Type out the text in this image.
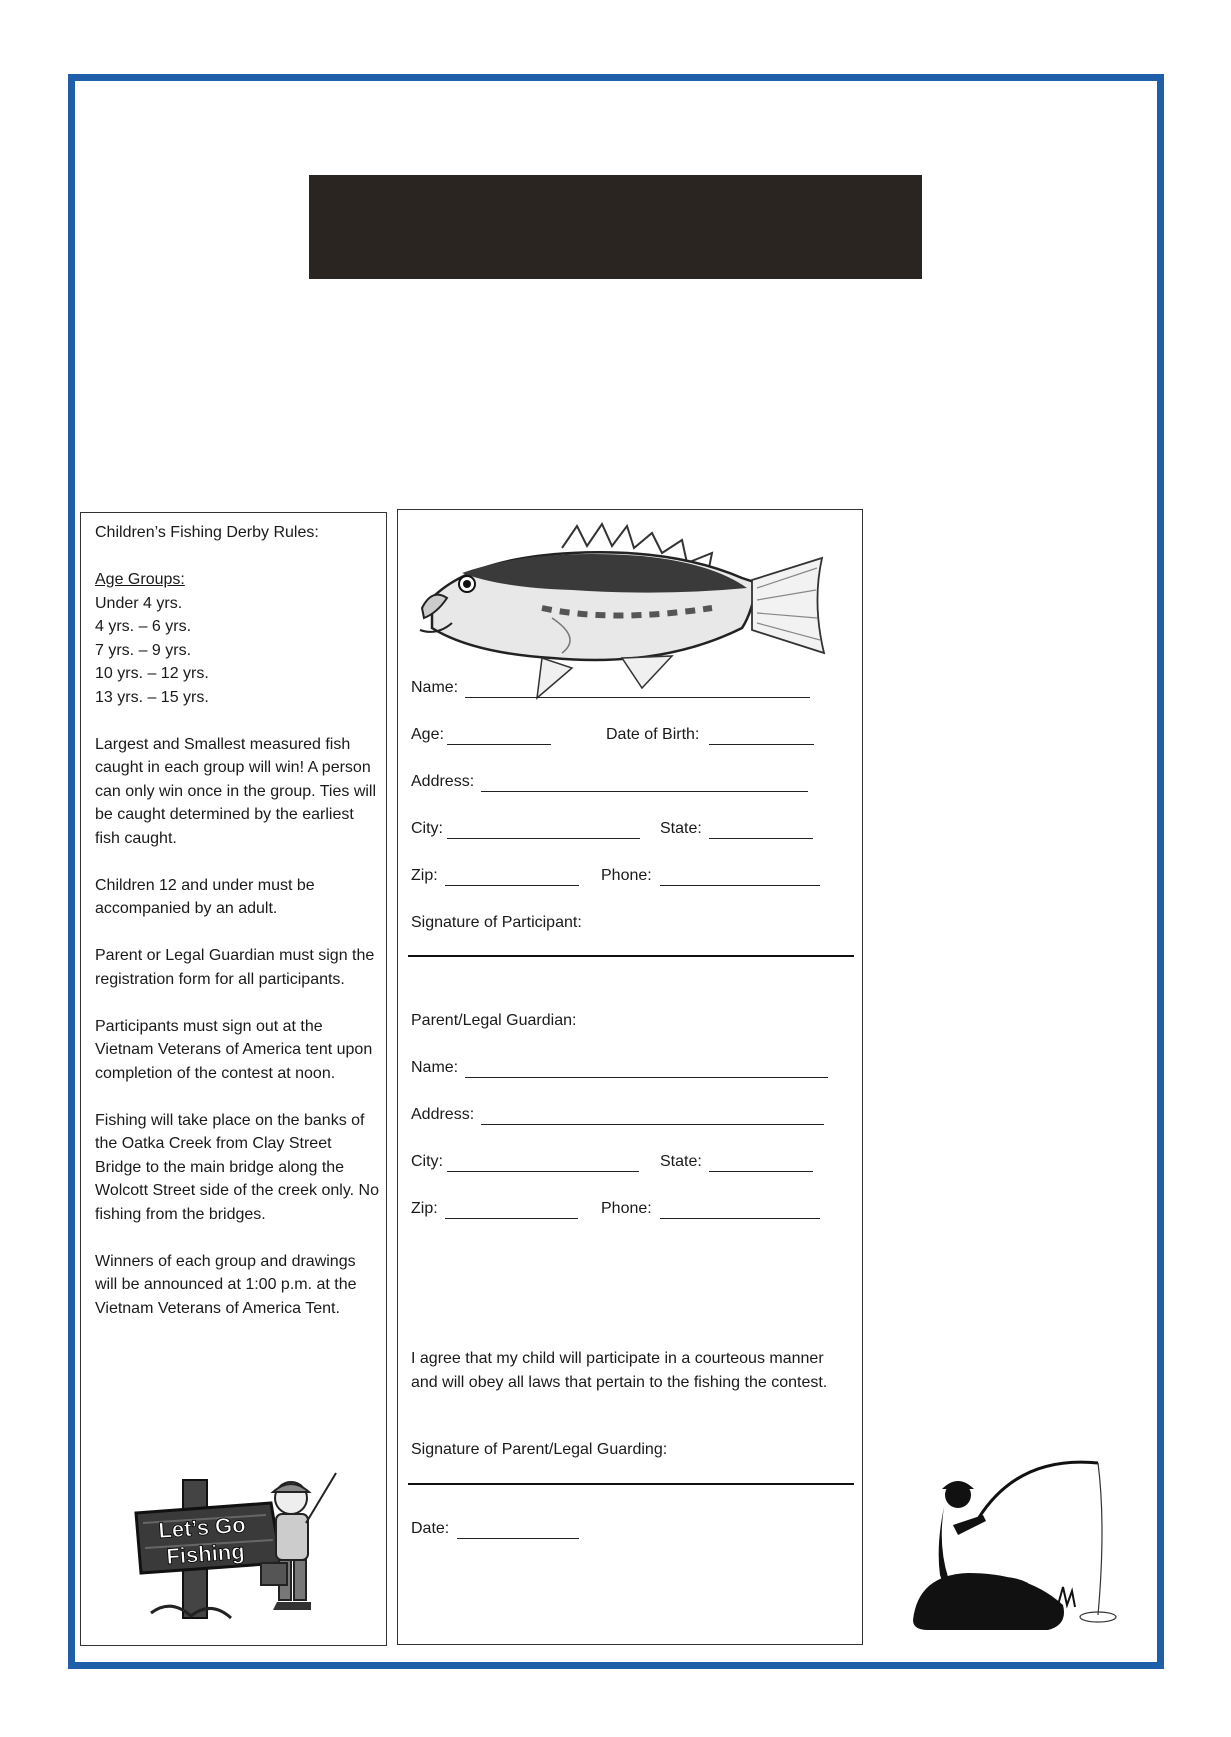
Children’s Fishing Derby Rules:

Age Groups:
Under 4 yrs.
4 yrs. – 6 yrs.
7 yrs. – 9 yrs.
10 yrs. – 12 yrs.
13 yrs. – 15 yrs.

Largest and Smallest measured fish caught in each group will win! A person can only win once in the group. Ties will be caught determined by the earliest fish caught.

Children 12 and under must be accompanied by an adult.

Parent or Legal Guardian must sign the registration form for all participants.

Participants must sign out at the Vietnam Veterans of America tent upon completion of the contest at noon.

Fishing will take place on the banks of the Oatka Creek from Clay Street Bridge to the main bridge along the Wolcott Street side of the creek only. No fishing from the bridges.

Winners of each group and drawings will be announced at 1:00 p.m. at the Vietnam Veterans of America Tent.

Let’s Go
Fishing
Name:
Age:	Date of Birth:
Address:
City:	State:
Zip:	Phone:
Signature of Participant:
Parent/Legal Guardian:
Name:
Address:
City:	State:
Zip:	Phone:
I agree that my child will participate in a courteous manner and will obey all laws that pertain to the fishing the contest.
Signature of Parent/Legal Guarding:
Date:
